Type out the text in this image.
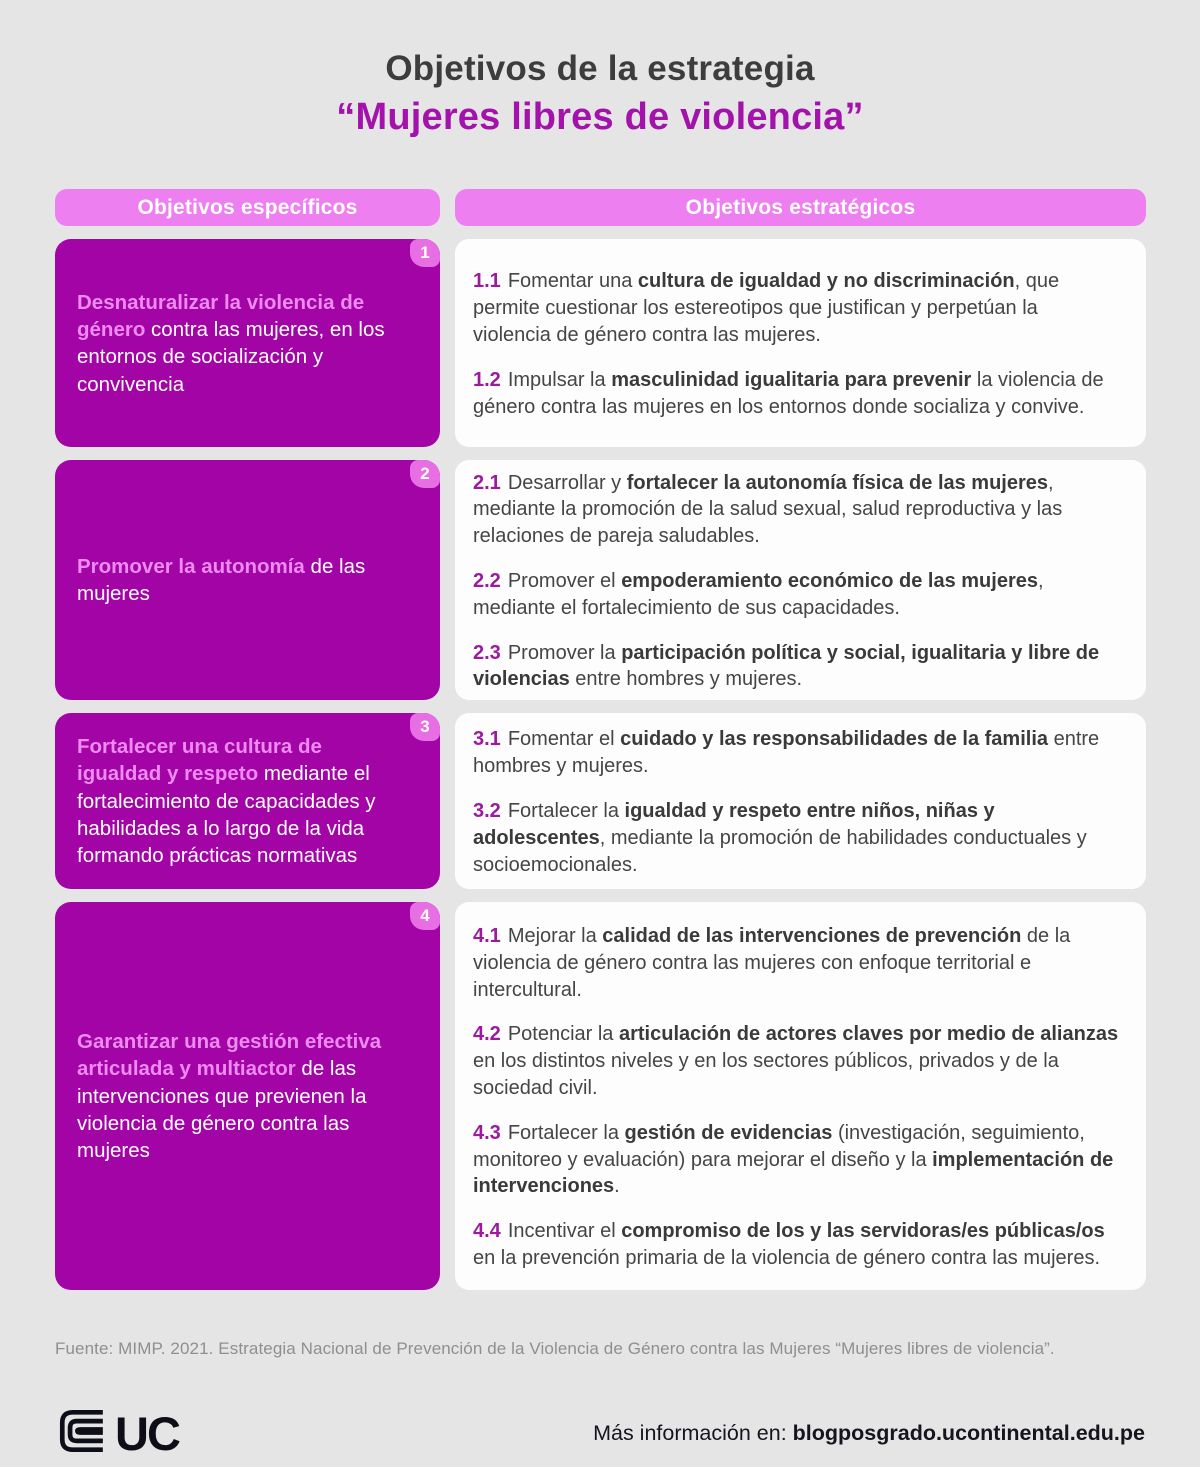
Objetivos de la estrategia
“Mujeres libres de violencia”
Objetivos específicos	Objetivos estratégicos
1

Desnaturalizar la violencia de género contra las mujeres, en los entornos de socialización y convivencia

1.1 Fomentar una cultura de igualdad y no discriminación, que permite cuestionar los estereotipos que justifican y perpetúan la violencia de género contra las mujeres.

1.2 Impulsar la masculinidad igualitaria para prevenir la violencia de género contra las mujeres en los entornos donde socializa y convive.

2

Promover la autonomía de las mujeres

2.1 Desarrollar y fortalecer la autonomía física de las mujeres, mediante la promoción de la salud sexual, salud reproductiva y las relaciones de pareja saludables.

2.2 Promover el empoderamiento económico de las mujeres, mediante el fortalecimiento de sus capacidades.

2.3 Promover la participación política y social, igualitaria y libre de violencias entre hombres y mujeres.

3

Fortalecer una cultura de igualdad y respeto mediante el fortalecimiento de capacidades y habilidades a lo largo de la vida formando prácticas normativas

3.1 Fomentar el cuidado y las responsabilidades de la familia entre hombres y mujeres.

3.2 Fortalecer la igualdad y respeto entre niños, niñas y adolescentes, mediante la promoción de habilidades conductuales y socioemocionales.

4

Garantizar una gestión efectiva articulada y multiactor de las intervenciones que previenen la violencia de género contra las mujeres

4.1 Mejorar la calidad de las intervenciones de prevención de la violencia de género contra las mujeres con enfoque territorial e intercultural.

4.2 Potenciar la articulación de actores claves por medio de alianzas en los distintos niveles y en los sectores públicos, privados y de la sociedad civil.

4.3 Fortalecer la gestión de evidencias (investigación, seguimiento, monitoreo y evaluación) para mejorar el diseño y la implementación de intervenciones.

4.4 Incentivar el compromiso de los y las servidoras/es públicas/os en la prevención primaria de la violencia de género contra las mujeres.

Fuente: MIMP. 2021. Estrategia Nacional de Prevención de la Violencia de Género contra las Mujeres “Mujeres libres de violencia”.
UC	Más información en: blogposgrado.ucontinental.edu.pe
